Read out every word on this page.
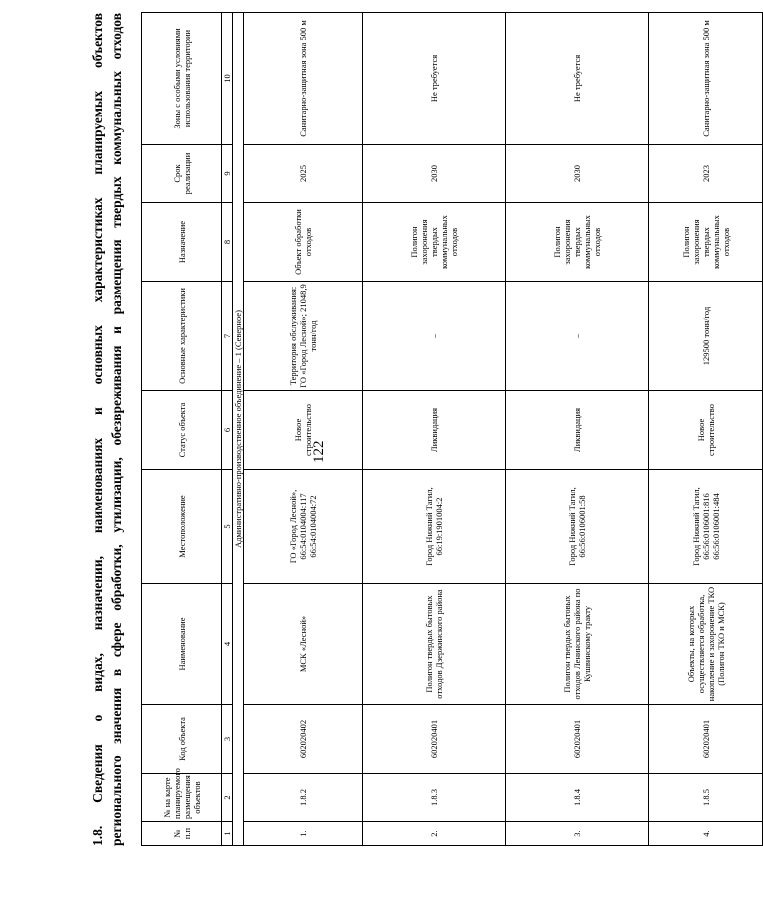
122
1.8. Сведения о видах, назначении, наименованиях и основных характеристиках планируемых объектов регионального значения в сфере обработки, утилизации, обезвреживания и размещения твердых коммунальных отходов	№ п.п	№ на карте планируемого размещения объектов	Код объекта	Наименование	Местоположение	Статус объекта	Основные характеристики	Назначение	Срок реализации	Зоны с особыми условиями использования территории
1	2	3	4	5	6	7	8	9	10
Административно-производственное объединение – 1 (Северное)									
1.	1.8.2	602020402	МСК «Лесной»	ГО «Город Лесной», 66:54:0104004:117 66:54:0104004:72	Новое строительство	Территория обслуживания: ГО «Город Лесной»; 21048,9 тонн/год	Объект обработки отходов	2025	Санитарно-защитная зона 500 м
2.	1.8.3	602020401	Полигон твердых бытовых отходов Дзержинского района	Город Нижний Тагил, 66:19:1901004:2	Ликвидация	–	Полигон захоронения твердых коммунальных отходов	2030	Не требуется
3.	1.8.4	602020401	Полигон твердых бытовых отходов Ленинского района по Кушвинскому тракту	Город Нижний Тагил, 66:56:0106001:58	Ликвидация	–	Полигон захоронения твердых коммунальных отходов	2030	Не требуется
4.	1.8.5	602020401	Объекты, на которых осуществляется обработка, накопление и захоронение ТКО (Полигон ТКО и МСК)	Город Нижний Тагил, 66:56:0106001:816 66:56:0106001:484	Новое строительство	129500 тонн/год	Полигон захоронения твердых коммунальных отходов	2023	Санитарно-защитная зона 500 м
